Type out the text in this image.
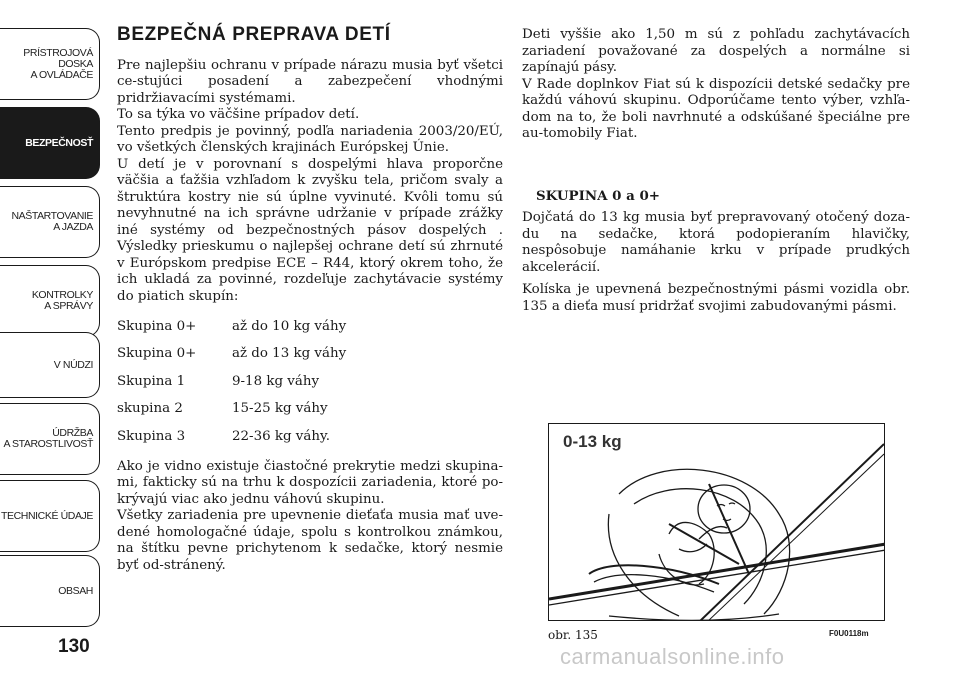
PRÍSTROJOVÁ
DOSKA
A OVLÁDAČE
BEZPEČNOSŤ
NAŠTARTOVANIE
A JAZDA
KONTROLKY
A SPRÁVY
V NÚDZI
ÚDRŽBA
A STAROSTLIVOSŤ
TECHNICKÉ ÚDAJE
OBSAH
130
BEZPEČNÁ PREPRAVA DETÍ

Pre najlepšiu ochranu v prípade nárazu musia byť všetci ce-stujúci posadení a zabezpečení vhodnými pridržiavacími systémami.

To sa týka vo väčšine prípadov detí.

Tento predpis je povinný, podľa nariadenia 2003/20/EÚ, vo všetkých členských krajinách Európskej Únie.

U detí je v porovnaní s dospelými hlava proporčne väčšia a ťažšia vzhľadom k zvyšku tela, pričom svaly a štruktúra kostry nie sú úplne vyvinuté. Kvôli tomu sú nevyhnutné na ich správne udržanie v prípade zrážky iné systémy od bezpečnostných pásov dospelých . Výsledky prieskumu o najlepšej ochrane detí sú zhrnuté v Európskom predpise ECE – R44, ktorý okrem toho, že ich ukladá za povinné, rozdeľuje zachytávacie systémy do piatich skupín:

Skupina 0+	až do 10 kg váhy
Skupina 0+	až do 13 kg váhy
Skupina 1	9-18 kg váhy
skupina 2	15-25 kg váhy
Skupina 3	22-36 kg váhy.

Ako je vidno existuje čiastočné prekrytie medzi skupina-mi, fakticky sú na trhu k dospozícii zariadenia, ktoré po-krývajú viac ako jednu váhovú skupinu.

Všetky zariadenia pre upevnenie dieťaťa musia mať uve-dené homologačné údaje, spolu s kontrolkou známkou, na štítku pevne prichytenom k sedačke, ktorý nesmie byť od-stránený.

Deti vyššie ako 1,50 m sú z pohľadu zachytávacích zariadení považované za dospelých a normálne si zapínajú pásy.

V Rade doplnkov Fiat sú k dispozícii detské sedačky pre každú váhovú skupinu. Odporúčame tento výber, vzhľa-dom na to, že boli navrhnuté a odskúšané špeciálne pre au-tomobily Fiat.

SKUPINA 0 a 0+

Dojčatá do 13 kg musia byť prepravovaný otočený doza-du na sedačke, ktorá podopieraním hlavičky, nespôsobuje namáhanie krku v prípade prudkých akcelerácií.

Kolíska je upevnená bezpečnostnými pásmi vozidla obr. 135 a dieťa musí pridržať svojimi zabudovanými pásmi.

0-13 kg
obr. 135	F0U0118m
carmanualsonline.info
